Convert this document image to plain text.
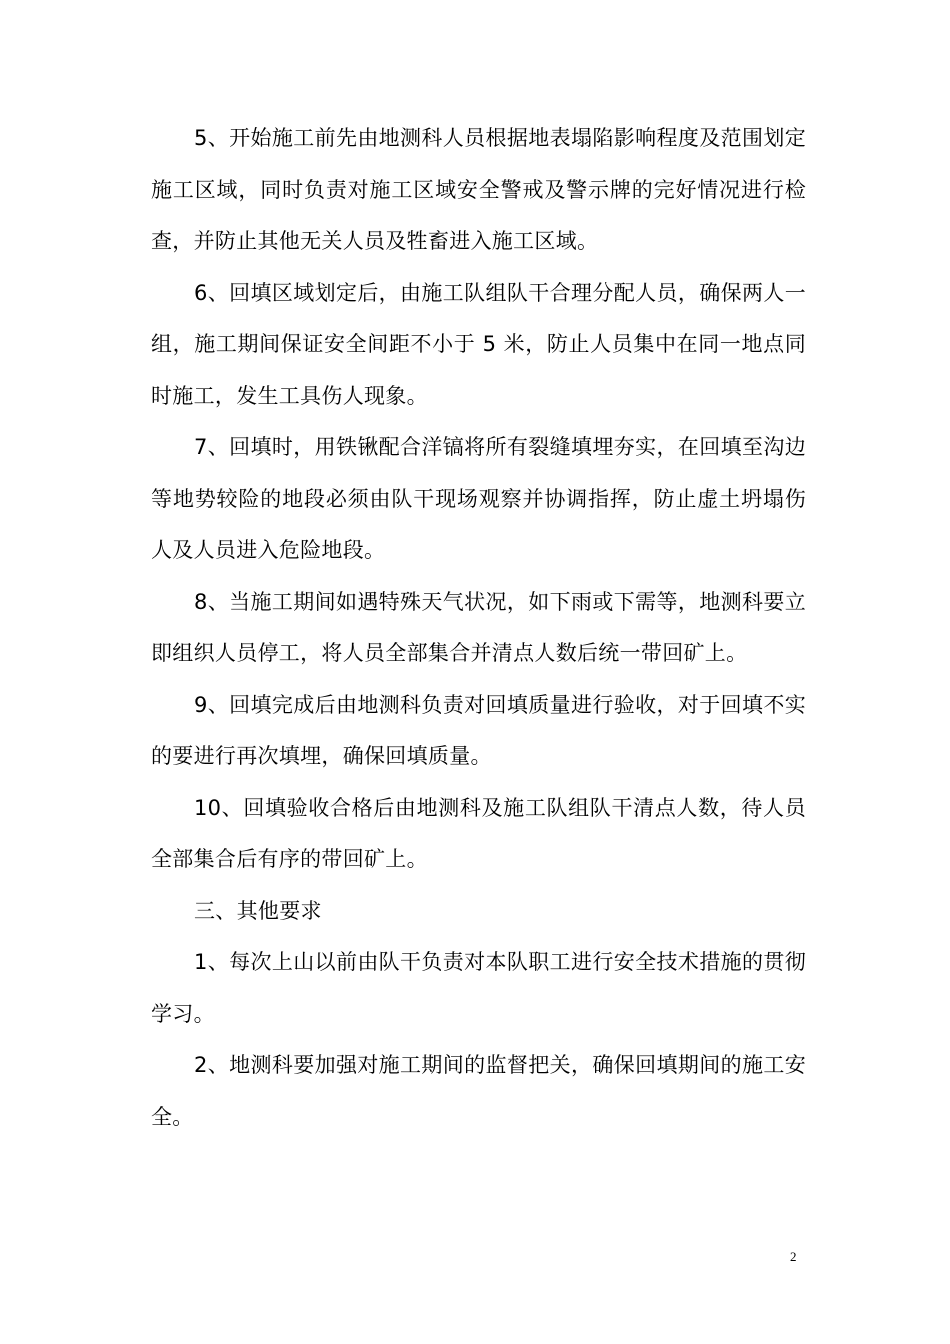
5、开始施工前先由地测科人员根据地表塌陷影响程度及范围划定施工区域，同时负责对施工区域安全警戒及警示牌的完好情况进行检查，并防止其他无关人员及牲畜进入施工区域。

6、回填区域划定后，由施工队组队干合理分配人员，确保两人一组，施工期间保证安全间距不小于 5 米，防止人员集中在同一地点同时施工，发生工具伤人现象。

7、回填时，用铁锹配合洋镐将所有裂缝填埋夯实，在回填至沟边等地势较险的地段必须由队干现场观察并协调指挥，防止虚土坍塌伤人及人员进入危险地段。

8、当施工期间如遇特殊天气状况，如下雨或下需等，地测科要立即组织人员停工，将人员全部集合并清点人数后统一带回矿上。

9、回填完成后由地测科负责对回填质量进行验收，对于回填不实的要进行再次填埋，确保回填质量。

10、回填验收合格后由地测科及施工队组队干清点人数，待人员全部集合后有序的带回矿上。

三、其他要求

1、每次上山以前由队干负责对本队职工进行安全技术措施的贯彻学习。

2、地测科要加强对施工期间的监督把关，确保回填期间的施工安全。

2
